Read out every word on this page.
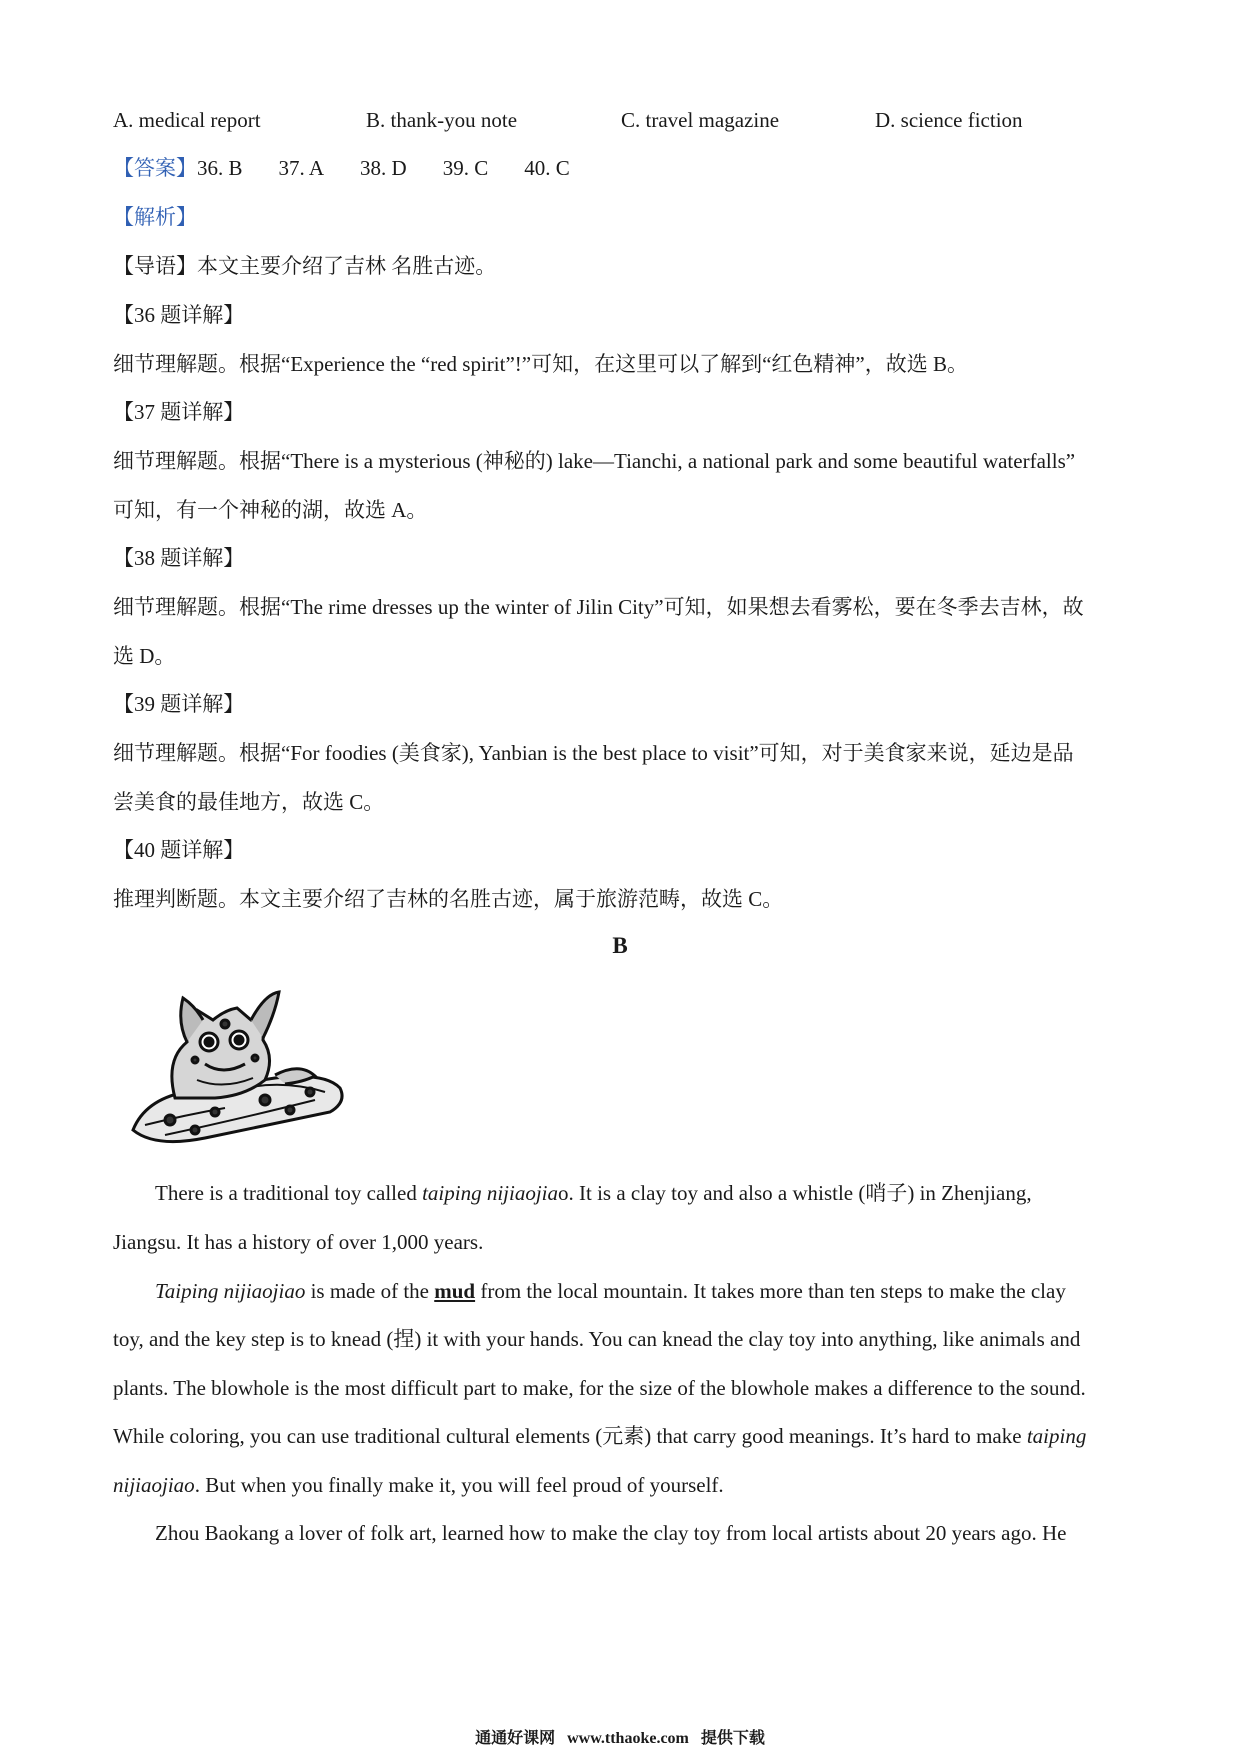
A. medical report	B. thank-you note	C. travel magazine	D. science fiction
【答案】36. B 37. A 38. D 39. C 40. C
【解析】
【导语】本文主要介绍了吉林 名胜古迹。
【36 题详解】
细节理解题。根据“Experience the “red spirit”!”可知，在这里可以了解到“红色精神”，故选 B。
【37 题详解】
细节理解题。根据“There is a mysterious (神秘的) lake—Tianchi, a national park and some beautiful waterfalls”
可知，有一个神秘的湖，故选 A。
【38 题详解】
细节理解题。根据“The rime dresses up the winter of Jilin City”可知，如果想去看雾松，要在冬季去吉林，故
选 D。
【39 题详解】
细节理解题。根据“For foodies (美食家), Yanbian is the best place to visit”可知，对于美食家来说，延边是品
尝美食的最佳地方，故选 C。
【40 题详解】
推理判断题。本文主要介绍了吉林的名胜古迹，属于旅游范畴，故选 C。
B
There is a traditional toy called taiping nijiaojiao. It is a clay toy and also a whistle (哨子) in Zhenjiang,
Jiangsu. It has a history of over 1,000 years.
Taiping nijiaojiao is made of the mud from the local mountain. It takes more than ten steps to make the clay
toy, and the key step is to knead (捏) it with your hands. You can knead the clay toy into anything, like animals and
plants. The blowhole is the most difficult part to make, for the size of the blowhole makes a difference to the sound.
While coloring, you can use traditional cultural elements (元素) that carry good meanings. It’s hard to make taiping
nijiaojiao. But when you finally make it, you will feel proud of yourself.
Zhou Baokang a lover of folk art, learned how to make the clay toy from local artists about 20 years ago. He
通通好课网 www.tthaoke.com 提供下载
